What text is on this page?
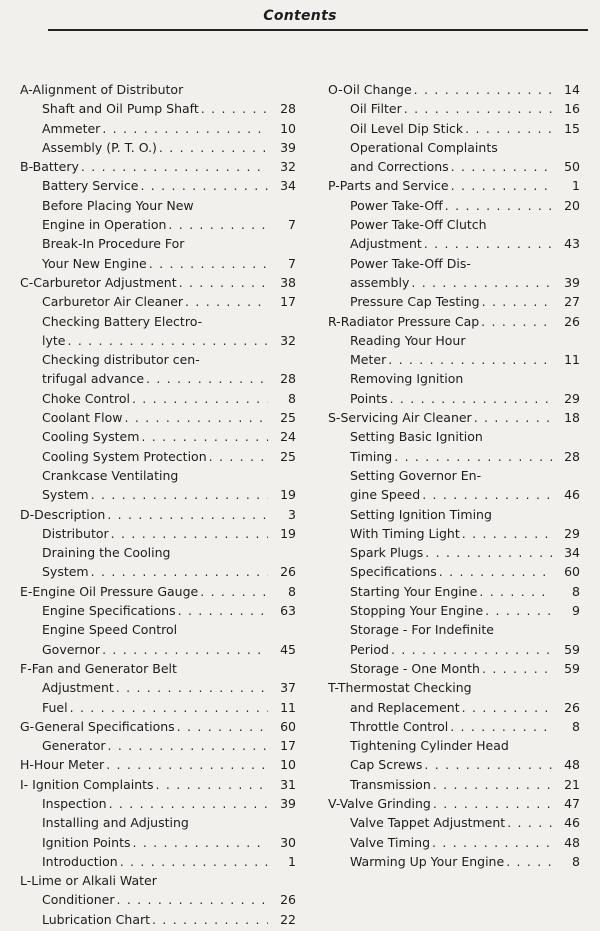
Contents
A-Alignment of Distributor
Shaft and Oil Pump Shaft . . .	28
Ammeter . . .	10
Assembly (P. T. O.) . . .	39
B-Battery . . .	32
Battery Service . . .	34
Before Placing Your New
Engine in Operation . . .	7
Break-In Procedure For
Your New Engine . . .	7
C-Carburetor Adjustment . . .	38
Carburetor Air Cleaner . . .	17
Checking Battery Electro-
lyte . . .	32
Checking distributor cen-
trifugal advance . . .	28
Choke Control . . .	8
Coolant Flow . . .	25
Cooling System . . .	24
Cooling System Protection . . .	25
Crankcase Ventilating
System . . .	19
D-Description . . .	3
Distributor . . .	19
Draining the Cooling
System . . .	26
E-Engine Oil Pressure Gauge . . .	8
Engine Specifications . . .	63
Engine Speed Control
Governor . . .	45
F-Fan and Generator Belt
Adjustment . . .	37
Fuel . . .	11
G-General Specifications . . .	60
Generator . . .	17
H-Hour Meter . . .	10
I- Ignition Complaints . . .	31
Inspection . . .	39
Installing and Adjusting
Ignition Points . . .	30
Introduction . . .	1
L-Lime or Alkali Water
Conditioner . . .	26
Lubrication Chart . . .	22
O-Oil Change . . .	14
Oil Filter . . .	16
Oil Level Dip Stick . . .	15
Operational Complaints
and Corrections . . .	50
P-Parts and Service . . .	1
Power Take-Off . . .	20
Power Take-Off Clutch
Adjustment . . .	43
Power Take-Off Dis-
assembly . . .	39
Pressure Cap Testing . . .	27
R-Radiator Pressure Cap . . .	26
Reading Your Hour
Meter . . .	11
Removing Ignition
Points . . .	29
S-Servicing Air Cleaner . . .	18
Setting Basic Ignition
Timing . . .	28
Setting Governor En-
gine Speed . . .	46
Setting Ignition Timing
With Timing Light . . .	29
Spark Plugs . . .	34
Specifications . . .	60
Starting Your Engine . . .	8
Stopping Your Engine . . .	9
Storage - For Indefinite
Period . . .	59
Storage - One Month . . .	59
T-Thermostat Checking
and Replacement . . .	26
Throttle Control . . .	8
Tightening Cylinder Head
Cap Screws . . .	48
Transmission . . .	21
V-Valve Grinding . . .	47
Valve Tappet Adjustment . . .	46
Valve Timing . . .	48
Warming Up Your Engine . . .	8
